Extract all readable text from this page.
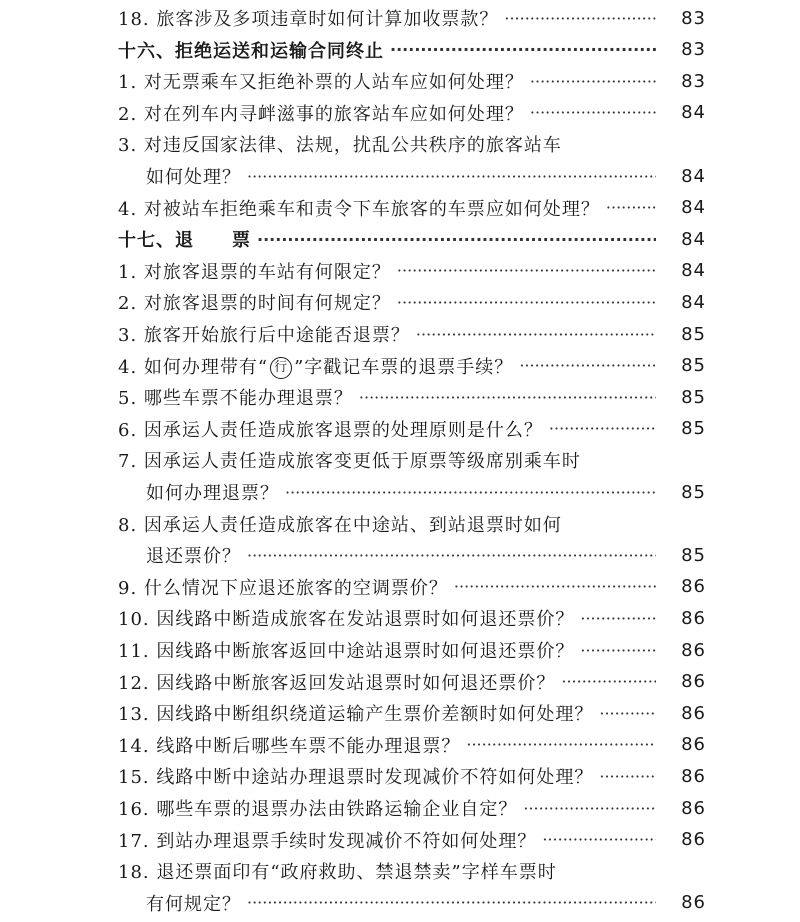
18. 旅客涉及多项违章时如何计算加收票款？ ·····	83
十六、拒绝运送和运输合同终止 ·····	83
1. 对无票乘车又拒绝补票的人站车应如何处理？ ·····	83
2. 对在列车内寻衅滋事的旅客站车应如何处理？ ·····	84
3. 对违反国家法律、法规，扰乱公共秩序的旅客站车
如何处理？ ·····	84
4. 对被站车拒绝乘车和责令下车旅客的车票应如何处理？ ·····	84
十七、退　　票 ·····	84
1. 对旅客退票的车站有何限定？ ·····	84
2. 对旅客退票的时间有何规定？ ·····	84
3. 旅客开始旅行后中途能否退票？ ·····	85
4. 如何办理带有“ 行 ”字戳记车票的退票手续？ ·····	85
5. 哪些车票不能办理退票？ ·····	85
6. 因承运人责任造成旅客退票的处理原则是什么？ ·····	85
7. 因承运人责任造成旅客变更低于原票等级席别乘车时
如何办理退票？ ·····	85
8. 因承运人责任造成旅客在中途站、到站退票时如何
退还票价？ ·····	85
9. 什么情况下应退还旅客的空调票价？ ·····	86
10. 因线路中断造成旅客在发站退票时如何退还票价？ ·····	86
11. 因线路中断旅客返回中途站退票时如何退还票价？ ·····	86
12. 因线路中断旅客返回发站退票时如何退还票价？ ·····	86
13. 因线路中断组织绕道运输产生票价差额时如何处理？ ·····	86
14. 线路中断后哪些车票不能办理退票？ ·····	86
15. 线路中断中途站办理退票时发现减价不符如何处理？ ·····	86
16. 哪些车票的退票办法由铁路运输企业自定？ ·····	86
17. 到站办理退票手续时发现减价不符如何处理？ ·····	86
18. 退还票面印有“政府救助、禁退禁卖”字样车票时
有何规定？ ·····	86
